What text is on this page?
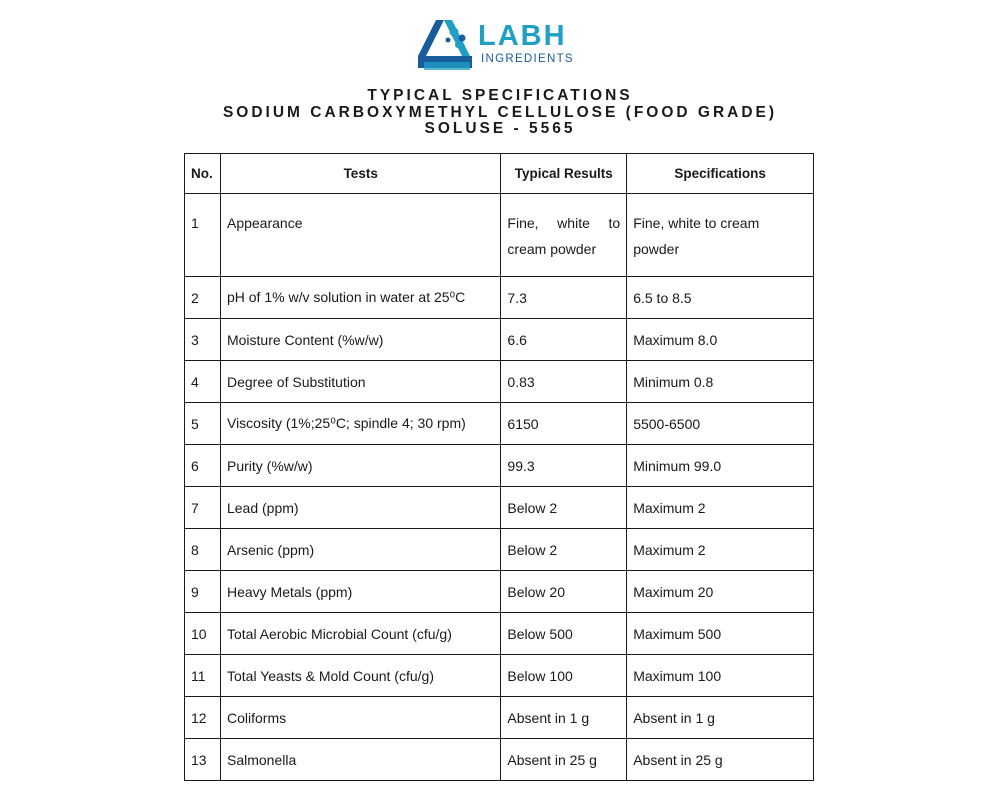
LABH
INGREDIENTS
TYPICAL SPECIFICATIONS
SODIUM CARBOXYMETHYL CELLULOSE (FOOD GRADE)
SOLUSE - 5565
No.	Tests	Typical Results	Specifications
1	Appearance	Fine, white to cream powder	Fine, white to cream powder
2	pH of 1% w/v solution in water at 25⁰C	7.3	6.5 to 8.5
3	Moisture Content (%w/w)	6.6	Maximum 8.0
4	Degree of Substitution	0.83	Minimum 0.8
5	Viscosity (1%;25⁰C; spindle 4; 30 rpm)	6150	5500-6500
6	Purity (%w/w)	99.3	Minimum 99.0
7	Lead (ppm)	Below 2	Maximum 2
8	Arsenic (ppm)	Below 2	Maximum 2
9	Heavy Metals (ppm)	Below 20	Maximum 20
10	Total Aerobic Microbial Count (cfu/g)	Below 500	Maximum 500
11	Total Yeasts & Mold Count (cfu/g)	Below 100	Maximum 100
12	Coliforms	Absent in 1 g	Absent in 1 g
13	Salmonella	Absent in 25 g	Absent in 25 g
